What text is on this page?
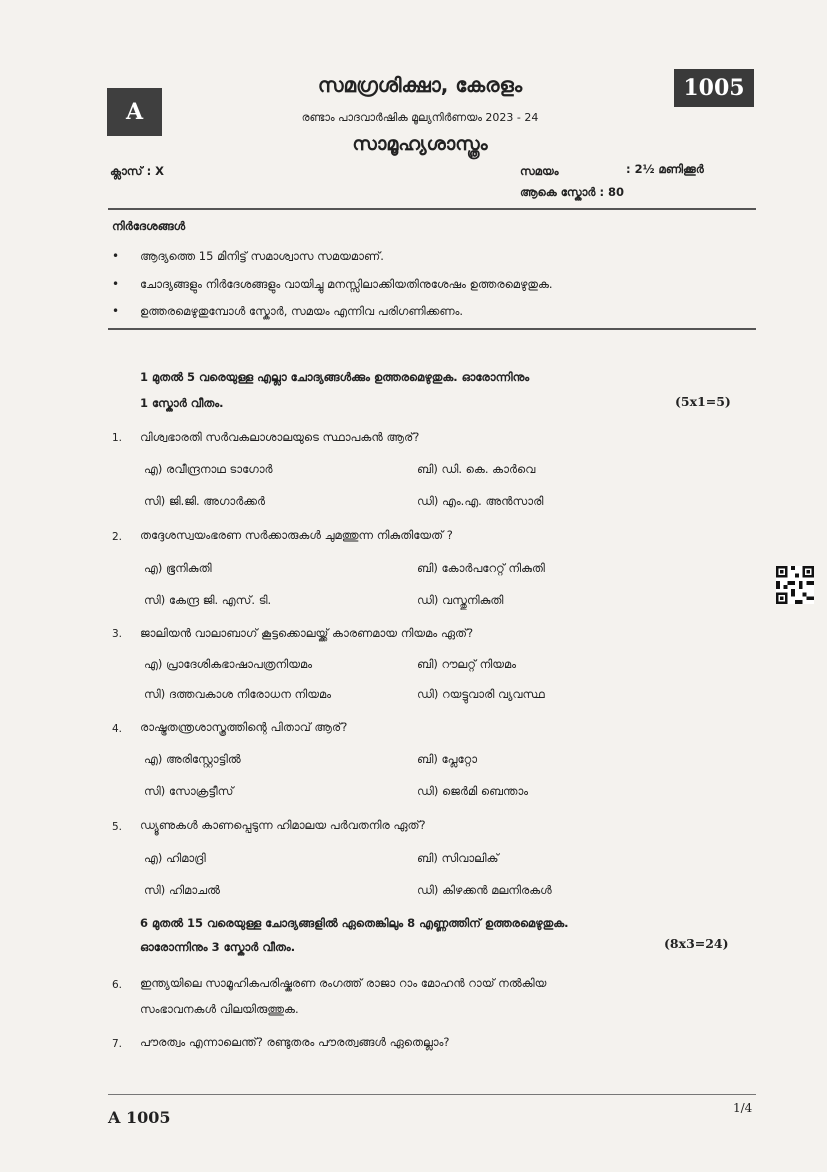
A
1005
സമഗ്രശിക്ഷാ, കേരളം
രണ്ടാം പാദവാർഷിക മൂല്യനിർണയം 2023 - 24
സാമൂഹ്യശാസ്ത്രം
ക്ലാസ് : X	സമയം	: 2½ മണിക്കൂർ
ആകെ സ്കോർ : 80
നിർദേശങ്ങൾ
• ആദ്യത്തെ 15 മിനിട്ട് സമാശ്വാസ സമയമാണ്.
• ചോദ്യങ്ങളും നിർദേശങ്ങളും വായിച്ചു മനസ്സിലാക്കിയതിനുശേഷം ഉത്തരമെഴുതുക.
• ഉത്തരമെഴുതുമ്പോൾ സ്കോർ, സമയം എന്നിവ പരിഗണിക്കണം.
1 മുതൽ 5 വരെയുള്ള എല്ലാ ചോദ്യങ്ങൾക്കും ഉത്തരമെഴുതുക. ഓരോന്നിനും
1 സ്കോർ വീതം.	(5x1=5)
1. വിശ്വഭാരതി സർവകലാശാലയുടെ സ്ഥാപകൻ ആര്?
എ) രവീന്ദ്രനാഥ ടാഗോർ	ബി) ഡി. കെ. കാർവെ
സി) ജി.ജി. അഗാർക്കർ	ഡി) എം.എ. അൻസാരി
2. തദ്ദേശസ്വയംഭരണ സർക്കാരുകൾ ചുമത്തുന്ന നികുതിയേത് ?
എ) ഭൂനികുതി	ബി) കോർപറേറ്റ് നികുതി
സി) കേന്ദ്ര ജി. എസ്. ടി.	ഡി) വസ്തുനികുതി
3. ജാലിയൻ വാലാബാഗ് കൂട്ടക്കൊലയ്ക്ക് കാരണമായ നിയമം ഏത്?
എ) പ്രാദേശികഭാഷാപത്രനിയമം	ബി) റൗലറ്റ് നിയമം
സി) ദത്തവകാശ നിരോധന നിയമം	ഡി) റയട്ടുവാരി വ്യവസ്ഥ
4. രാഷ്ട്രതന്ത്രശാസ്ത്രത്തിന്റെ പിതാവ് ആര്?
എ) അരിസ്റ്റോട്ടിൽ	ബി) പ്ലേറ്റോ
സി) സോക്രട്ടീസ്	ഡി) ജെർമി ബെന്താം
5. ഡ്യൂണുകൾ കാണപ്പെടുന്ന ഹിമാലയ പർവതനിര ഏത്?
എ) ഹിമാദ്രി	ബി) സിവാലിക്
സി) ഹിമാചൽ	ഡി) കിഴക്കൻ മലനിരകൾ
6 മുതൽ 15 വരെയുള്ള ചോദ്യങ്ങളിൽ ഏതെങ്കിലും 8 എണ്ണത്തിന് ഉത്തരമെഴുതുക.
ഓരോന്നിനും 3 സ്കോർ വീതം.	(8x3=24)
6. ഇന്ത്യയിലെ സാമൂഹികപരിഷ്കരണ രംഗത്ത് രാജാ റാം മോഹൻ റായ് നൽകിയ
സംഭാവനകൾ വിലയിരുത്തുക.
7. പൗരത്വം എന്നാലെന്ത്? രണ്ടുതരം പൗരത്വങ്ങൾ ഏതെല്ലാം?
A 1005	1/4
